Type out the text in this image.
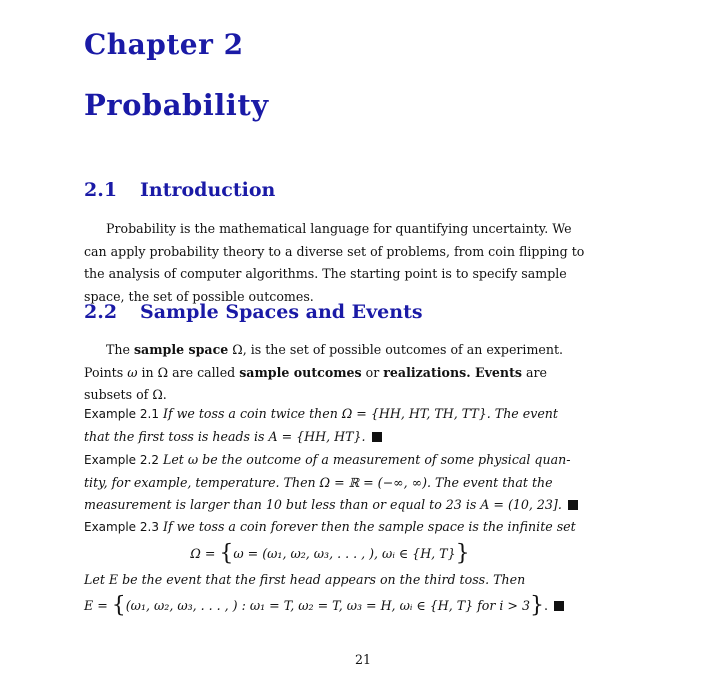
Chapter 2
Probability
2.1 Introduction
Probability is the mathematical language for quantifying uncertainty. We
can apply probability theory to a diverse set of problems, from coin flipping to
the analysis of computer algorithms. The starting point is to specify sample
space, the set of possible outcomes.
2.2 Sample Spaces and Events
The sample space Ω, is the set of possible outcomes of an experiment.
Points ω in Ω are called sample outcomes or realizations. Events are
subsets of Ω.
Example 2.1 If we toss a coin twice then Ω = {HH, HT, TH, TT}. The event
that the first toss is heads is A = {HH, HT}.
Example 2.2 Let ω be the outcome of a measurement of some physical quan-
tity, for example, temperature. Then Ω = ℝ = (−∞, ∞). The event that the
measurement is larger than 10 but less than or equal to 23 is A = (10, 23].
Example 2.3 If we toss a coin forever then the sample space is the infinite set
Ω = {ω = (ω₁, ω₂, ω₃, . . . , ), ωᵢ ∈ {H, T}}
Let E be the event that the first head appears on the third toss. Then
E = {(ω₁, ω₂, ω₃, . . . , ) : ω₁ = T, ω₂ = T, ω₃ = H, ωᵢ ∈ {H, T} for i > 3}.
21
